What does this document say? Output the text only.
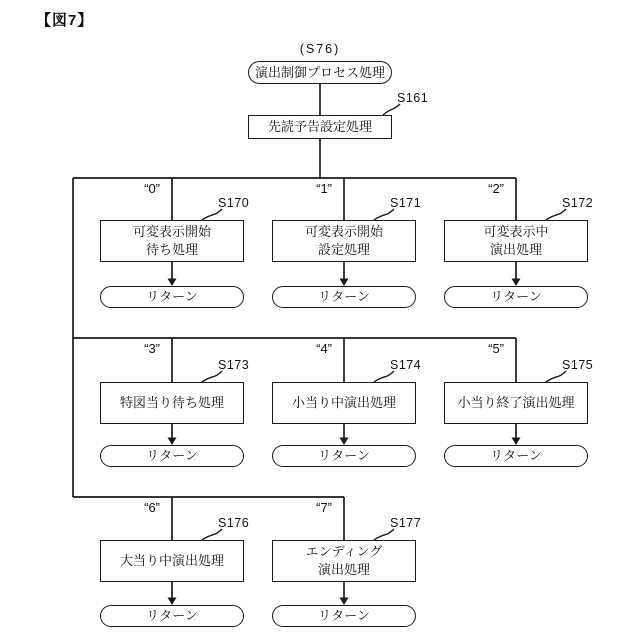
【図7】
(S76)
演出制御プロセス処理
S161
先読予告設定処理
“0”
S170
可変表示開始
待ち処理
リターン
“1”
S171
可変表示開始
設定処理
リターン
“2”
S172
可変表示中
演出処理
リターン
“3”
S173
特図当り待ち処理
リターン
“4”
S174
小当り中演出処理
リターン
“5”
S175
小当り終了演出処理
リターン
“6”
S176
大当り中演出処理
リターン
“7”
S177
エンディング
演出処理
リターン
